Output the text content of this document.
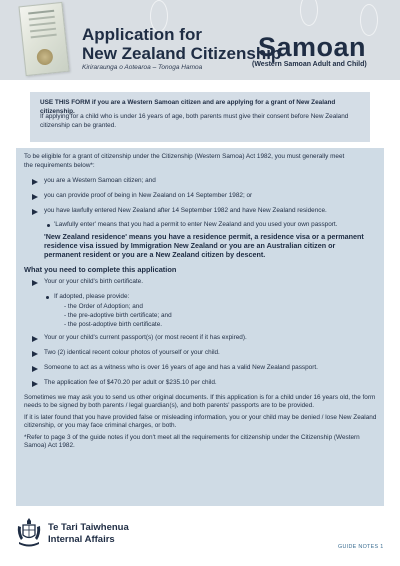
Application for
New Zealand Citizenship
Kiriraraunga o Aotearoa – Tonoga Hamoa
Samoan
(Western Samoan Adult and Child)

USE THIS FORM if you are a Western Samoan citizen and are applying for a grant of New Zealand citizenship.

If applying for a child who is under 16 years of age, both parents must give their consent before New Zealand citizenship can be granted.

To be eligible for a grant of citizenship under the Citizenship (Western Samoa) Act 1982, you must generally meet

the requirements below*:

you are a Western Samoan citizen; and

you can provide proof of being in New Zealand on 14 September 1982; or

you have lawfully entered New Zealand after 14 September 1982 and have New Zealand residence.

'Lawfully enter' means that you had a permit to enter New Zealand and you used your own passport.

'New Zealand residence' means you have a residence permit, a residence visa or a permanent residence visa issued by Immigration New Zealand or you are an Australian citizen or permanent resident or you are a New Zealand citizen by descent.

What you need to complete this application

Your or your child's birth certificate.

If adopted, please provide:

- the Order of Adoption; and

- the pre-adoptive birth certificate; and

- the post-adoptive birth certificate.

Your or your child's current passport(s) (or most recent if it has expired).

Two (2) identical recent colour photos of yourself or your child.

Someone to act as a witness who is over 16 years of age and has a valid New Zealand passport.

The application fee of $470.20 per adult or $235.10 per child.

Sometimes we may ask you to send us other original documents. If this application is for a child under 16 years old, the form needs to be signed by both parents / legal guardian(s), and both parents' passports are to be provided.

If it is later found that you have provided false or misleading information, you or your child may be denied / lose New Zealand citizenship, or you may face criminal charges, or both.

*Refer to page 3 of the guide notes if you don't meet all the requirements for citizenship under the Citizenship (Western Samoa) Act 1982.

Te Tari Taiwhenua
Internal Affairs
GUIDE NOTES 1
